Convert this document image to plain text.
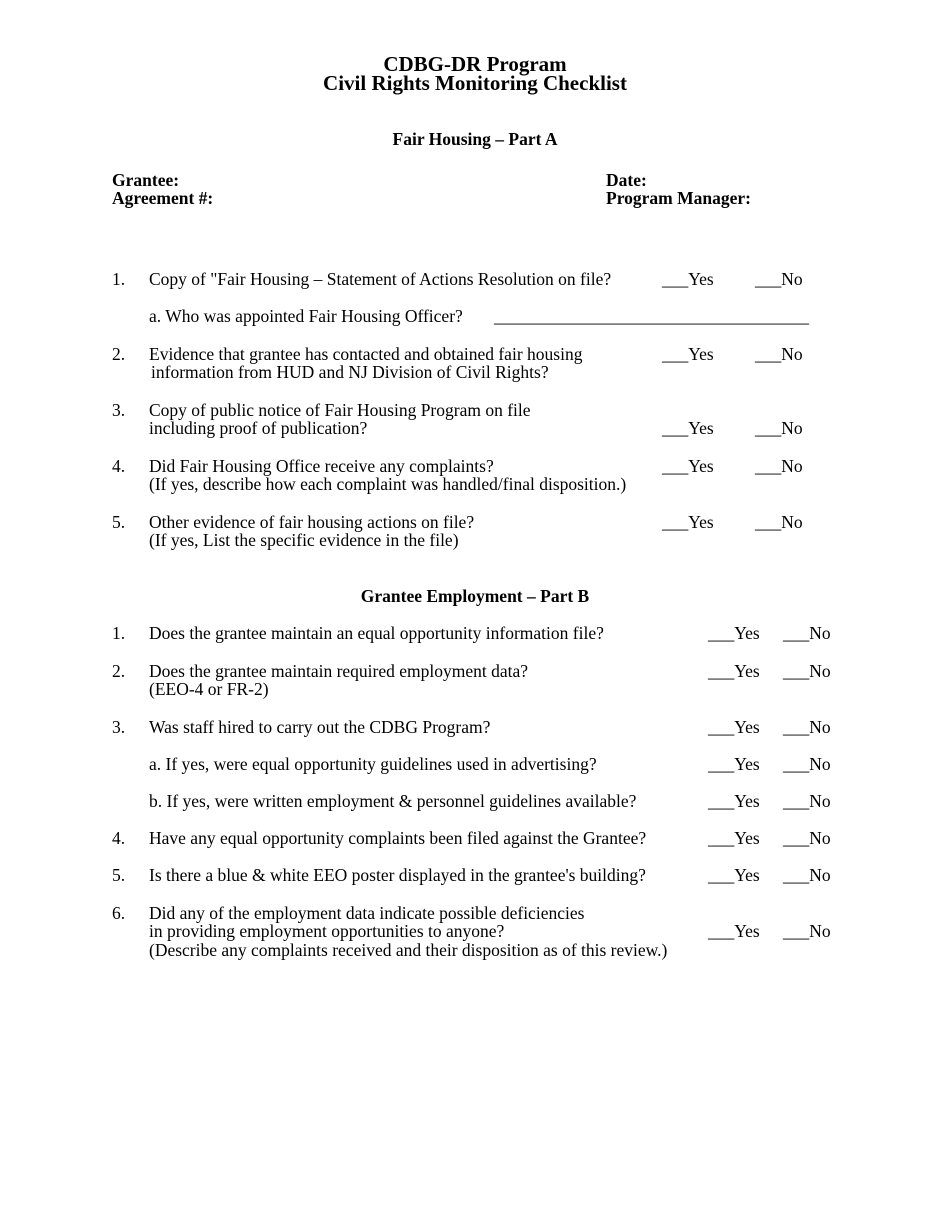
CDBG-DR Program
Civil Rights Monitoring Checklist
Fair Housing – Part A
Grantee:
Agreement #:
Date:
Program Manager:
1. Copy of "Fair Housing – Statement of Actions Resolution on file?	___Yes ___No
a. Who was appointed Fair Housing Officer? ____________________________________
2. Evidence that grantee has contacted and obtained fair housing
information from HUD and NJ Division of Civil Rights?
___Yes ___No
3. Copy of public notice of Fair Housing Program on file
including proof of publication?	___Yes ___No
4. Did Fair Housing Office receive any complaints?
(If yes, describe how each complaint was handled/final disposition.)
___Yes ___No
5. Other evidence of fair housing actions on file?
(If yes, List the specific evidence in the file)
___Yes ___No
Grantee Employment – Part B
1. Does the grantee maintain an equal opportunity information file?	___Yes ___No
2. Does the grantee maintain required employment data?
(EEO-4 or FR-2)
___Yes ___No
3. Was staff hired to carry out the CDBG Program?	___Yes ___No
a. If yes, were equal opportunity guidelines used in advertising?	___Yes ___No
b. If yes, were written employment & personnel guidelines available?	___Yes ___No
4. Have any equal opportunity complaints been filed against the Grantee?	___Yes ___No
5. Is there a blue & white EEO poster displayed in the grantee's building?	___Yes ___No
6. Did any of the employment data indicate possible deficiencies
in providing employment opportunities to anyone?
(Describe any complaints received and their disposition as of this review.)
___Yes ___No
